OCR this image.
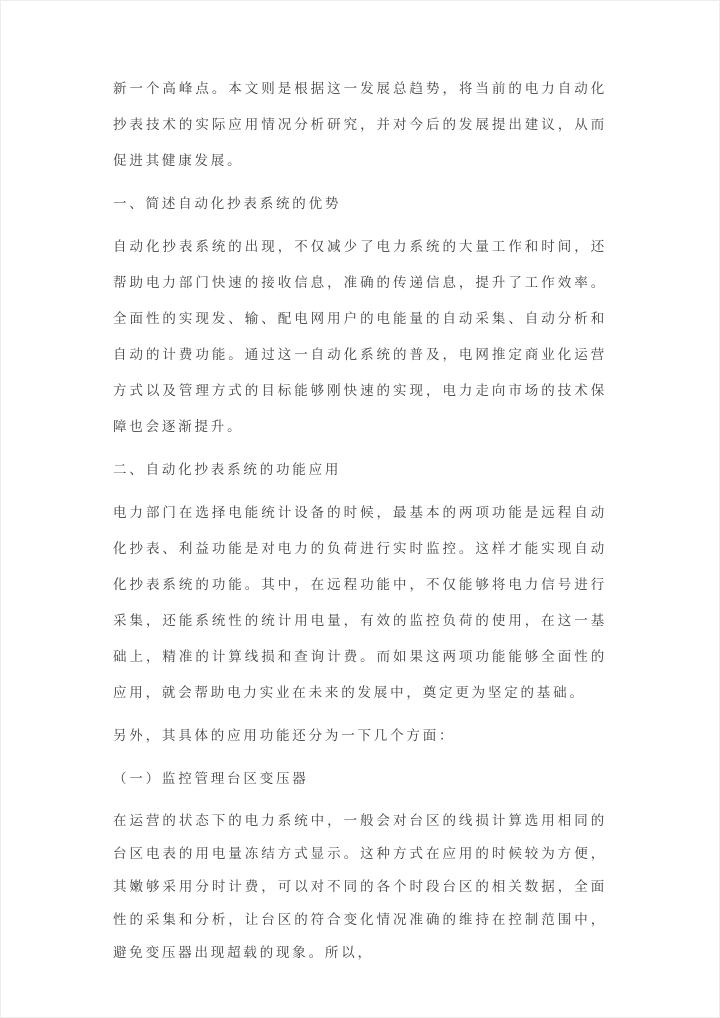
新一个高峰点。本文则是根据这一发展总趋势，将当前的电力自动化抄表技术的实际应用情况分析研究，并对今后的发展提出建议，从而促进其健康发展。

一、简述自动化抄表系统的优势

自动化抄表系统的出现，不仅减少了电力系统的大量工作和时间，还帮助电力部门快速的接收信息，准确的传递信息，提升了工作效率。全面性的实现发、输、配电网用户的电能量的自动采集、自动分析和自动的计费功能。通过这一自动化系统的普及，电网推定商业化运营方式以及管理方式的目标能够刚快速的实现，电力走向市场的技术保障也会逐渐提升。

二、自动化抄表系统的功能应用

电力部门在选择电能统计设备的时候，最基本的两项功能是远程自动化抄表、利益功能是对电力的负荷进行实时监控。这样才能实现自动化抄表系统的功能。其中，在远程功能中，不仅能够将电力信号进行采集，还能系统性的统计用电量，有效的监控负荷的使用，在这一基础上，精准的计算线损和查询计费。而如果这两项功能能够全面性的应用，就会帮助电力实业在未来的发展中，奠定更为坚定的基础。

另外，其具体的应用功能还分为一下几个方面：

（一）监控管理台区变压器

在运营的状态下的电力系统中，一般会对台区的线损计算选用相同的台区电表的用电量冻结方式显示。这种方式在应用的时候较为方便，其嫩够采用分时计费，可以对不同的各个时段台区的相关数据，全面性的采集和分析，让台区的符合变化情况准确的维持在控制范围中，避免变压器出现超载的现象。所以，
